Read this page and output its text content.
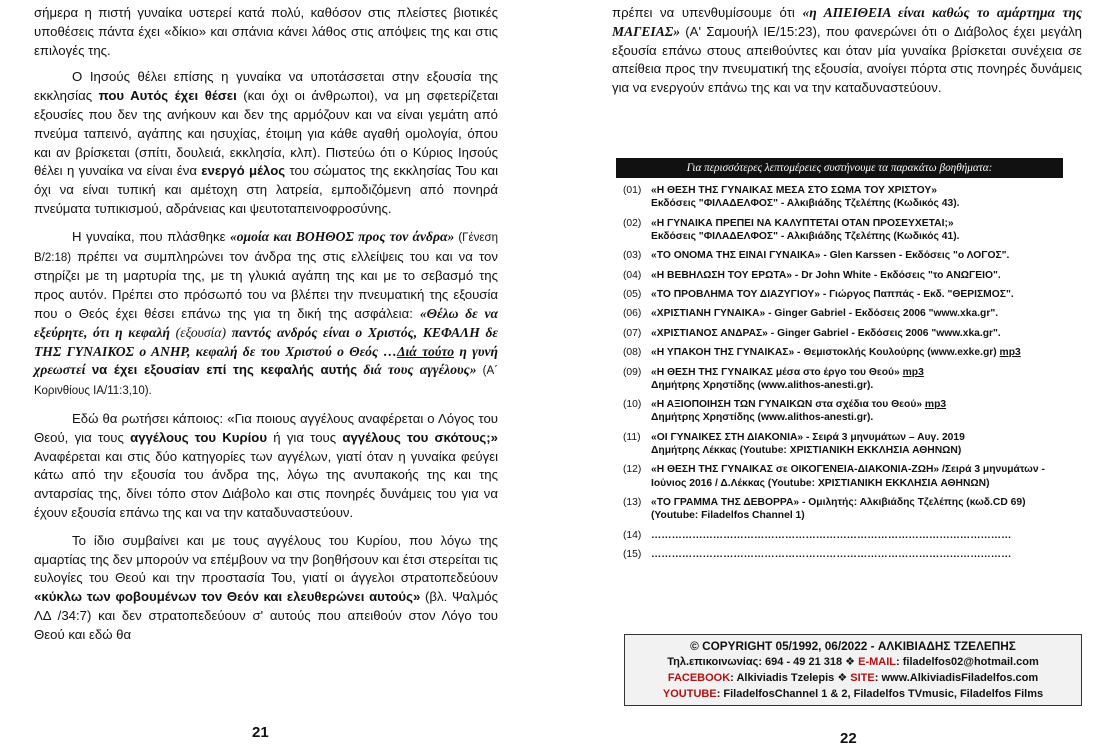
σήμερα η πιστή γυναίκα υστερεί κατά πολύ, καθόσον στις πλείστες βιοτικές υποθέσεις πάντα έχει «δίκιο» και σπάνια κάνει λάθος στις απόψεις της και στις επιλογές της.

Ο Ιησούς θέλει επίσης η γυναίκα να υποτάσσεται στην εξουσία της εκκλησίας που Αυτός έχει θέσει (και όχι οι άνθρωποι), να μη σφετερίζεται εξουσίες που δεν της ανήκουν και δεν της αρμόζουν και να είναι γεμάτη από πνεύμα ταπεινό, αγάπης και ησυχίας, έτοιμη για κάθε αγαθή ομολογία, όπου και αν βρίσκεται (σπίτι, δουλειά, εκκλησία, κλπ). Πιστεύω ότι ο Κύριος Ιησούς θέλει η γυναίκα να είναι ένα ενεργό μέλος του σώματος της εκκλησίας Του και όχι να είναι τυπική και αμέτοχη στη λατρεία, εμποδιζόμενη από πονηρά πνεύματα τυπικισμού, αδράνειας και ψευτοταπεινοφροσύνης.

Η γυναίκα, που πλάσθηκε «ομοία και ΒΟΗΘΟΣ προς τον άνδρα» (Γένεση Β/2:18) πρέπει να συμπληρώνει τον άνδρα της στις ελλείψεις του και να τον στηρίζει με τη μαρτυρία της, με τη γλυκιά αγάπη της και με το σεβασμό της προς αυτόν. Πρέπει στο πρόσωπό του να βλέπει την πνευματική της εξουσία που ο Θεός έχει θέσει επάνω της για τη δική της ασφάλεια: «Θέλω δε να εξεύρητε, ότι η κεφαλή (εξουσία) παντός ανδρός είναι ο Χριστός, ΚΕΦΑΛΗ δε ΤΗΣ ΓΥΝΑΙΚΟΣ ο ΑΝΗΡ, κεφαλή δε του Χριστού ο Θεός …Διά τούτο η γυνή χρεωστεί να έχει εξουσίαν επί της κεφαλής αυτής διά τους αγγέλους» (Α΄ Κορινθίους ΙΑ/11:3,10).

Εδώ θα ρωτήσει κάποιος: «Για ποιους αγγέλους αναφέρεται ο Λόγος του Θεού, για τους αγγέλους του Κυρίου ή για τους αγγέλους του σκότους;» Αναφέρεται και στις δύο κατηγορίες των αγγέλων, γιατί όταν η γυναίκα φεύγει κάτω από την εξουσία του άνδρα της, λόγω της ανυπακοής της και της ανταρσίας της, δίνει τόπο στον Διάβολο και στις πονηρές δυνάμεις του για να έχουν εξουσία επάνω της και να την καταδυναστεύουν.

Το ίδιο συμβαίνει και με τους αγγέλους του Κυρίου, που λόγω της αμαρτίας της δεν μπορούν να επέμβουν να την βοηθήσουν και έτσι στερείται τις ευλογίες του Θεού και την προστασία Του, γιατί οι άγγελοι στρατοπεδεύουν «κύκλω των φοβουμένων τον Θεόν και ελευθερώνει αυτούς» (βλ. Ψαλμός ΛΔ /34:7) και δεν στρατοπεδεύουν σ' αυτούς που απειθούν στον Λόγο του Θεού και εδώ θα

21

πρέπει να υπενθυμίσουμε ότι «η ΑΠΕΙΘΕΙΑ είναι καθώς το αμάρτημα της ΜΑΓΕΙΑΣ» (Α' Σαμουήλ ΙΕ/15:23), που φανερώνει ότι ο Διάβολος έχει μεγάλη εξουσία επάνω στους απειθούντες και όταν μία γυναίκα βρίσκεται συνέχεια σε απείθεια προς την πνευματική της εξουσία, ανοίγει πόρτα στις πονηρές δυνάμεις για να ενεργούν επάνω της και να την καταδυναστεύουν.

Για περισσότερες λεπτομέρειες συστήνουμε τα παρακάτω βοηθήματα:
(01) «Η ΘΕΣΗ ΤΗΣ ΓΥΝΑΙΚΑΣ ΜΕΣΑ ΣΤΟ ΣΩΜΑ ΤΟΥ ΧΡΙΣΤΟΥ»
Εκδόσεις "ΦΙΛΑΔΕΛΦΟΣ" - Αλκιβιάδης Τζελέπης (Κωδικός 43).
(02) «Η ΓΥΝΑΙΚΑ ΠΡΕΠΕΙ ΝΑ ΚΑΛΥΠΤΕΤΑΙ ΟΤΑΝ ΠΡΟΣΕΥΧΕΤΑΙ;»
Εκδόσεις "ΦΙΛΑΔΕΛΦΟΣ" - Αλκιβιάδης Τζελέπης (Κωδικός 41).
(03) «ΤΟ ΟΝΟΜΑ ΤΗΣ ΕΙΝΑΙ ΓΥΝΑΙΚΑ» - Glen Karssen - Εκδόσεις "ο ΛΟΓΟΣ".
(04) «Η ΒΕΒΗΛΩΣΗ ΤΟΥ ΕΡΩΤΑ» - Dr John White - Εκδόσεις "το ΑΝΩΓΕΙΟ".
(05) «ΤΟ ΠΡΟΒΛΗΜΑ ΤΟΥ ΔΙΑΖΥΓΙΟΥ» - Γιώργος Παππάς - Εκδ. "ΘΕΡΙΣΜΟΣ".
(06) «ΧΡΙΣΤΙΑΝΗ ΓΥΝΑΙΚΑ» - Ginger Gabriel - Εκδόσεις 2006 "www.xka.gr".
(07) «ΧΡΙΣΤΙΑΝΟΣ ΑΝΔΡΑΣ» - Ginger Gabriel - Εκδόσεις 2006 "www.xka.gr".
(08) «Η ΥΠΑΚΟΗ ΤΗΣ ΓΥΝΑΙΚΑΣ» - Θεμιστοκλής Κουλούρης (www.exke.gr) mp3
(09) «Η ΘΕΣΗ ΤΗΣ ΓΥΝΑΙΚΑΣ μέσα στο έργο του Θεού» mp3
Δημήτρης Χρηστίδης (www.alithos-anesti.gr).
(10) «Η ΑΞΙΟΠΟΙΗΣΗ ΤΩΝ ΓΥΝΑΙΚΩΝ στα σχέδια του Θεού» mp3
Δημήτρης Χρηστίδης (www.alithos-anesti.gr).
(11)	«ΟΙ ΓΥΝΑΙΚΕΣ ΣΤΗ ΔΙΑΚΟΝΙΑ» - Σειρά 3 μηνυμάτων – Αυγ. 2019
Δημήτρης Λέκκας (Youtube: ΧΡΙΣΤΙΑΝΙΚΗ ΕΚΚΛΗΣΙΑ ΑΘΗΝΩΝ)
(12) «Η ΘΕΣΗ ΤΗΣ ΓΥΝΑΙΚΑΣ σε ΟΙΚΟΓΕΝΕΙΑ-ΔΙΑΚΟΝΙΑ-ΖΩΗ» /Σειρά 3 μηνυμάτων - Ιούνιος 2016 / Δ.Λέκκας (Youtube: ΧΡΙΣΤΙΑΝΙΚΗ ΕΚΚΛΗΣΙΑ ΑΘΗΝΩΝ)
(13) «ΤΟ ΓΡΑΜΜΑ ΤΗΣ ΔΕΒΟΡΡΑ» - Ομιλητής: Αλκιβιάδης Τζελέπης (κωδ.CD 69)
(Youtube: Filadelfos Channel 1)
(14) ……………………………………………………………………………………………
(15) ……………………………………………………………………………………………
© COPYRIGHT 05/1992, 06/2022 - ΑΛΚΙΒΙΑΔΗΣ ΤΖΕΛΕΠΗΣ
Τηλ.επικοινωνίας: 694 - 49 21 318 ❖ E-MAIL: filadelfos02@hotmail.com
FACEBOOK: Alkiviadis Tzelepis ❖ SITE: www.AlkiviadisFiladelfos.com
YOUTUBE: FiladelfosChannel 1 & 2, Filadelfos TVmusic, Filadelfos Films
22
